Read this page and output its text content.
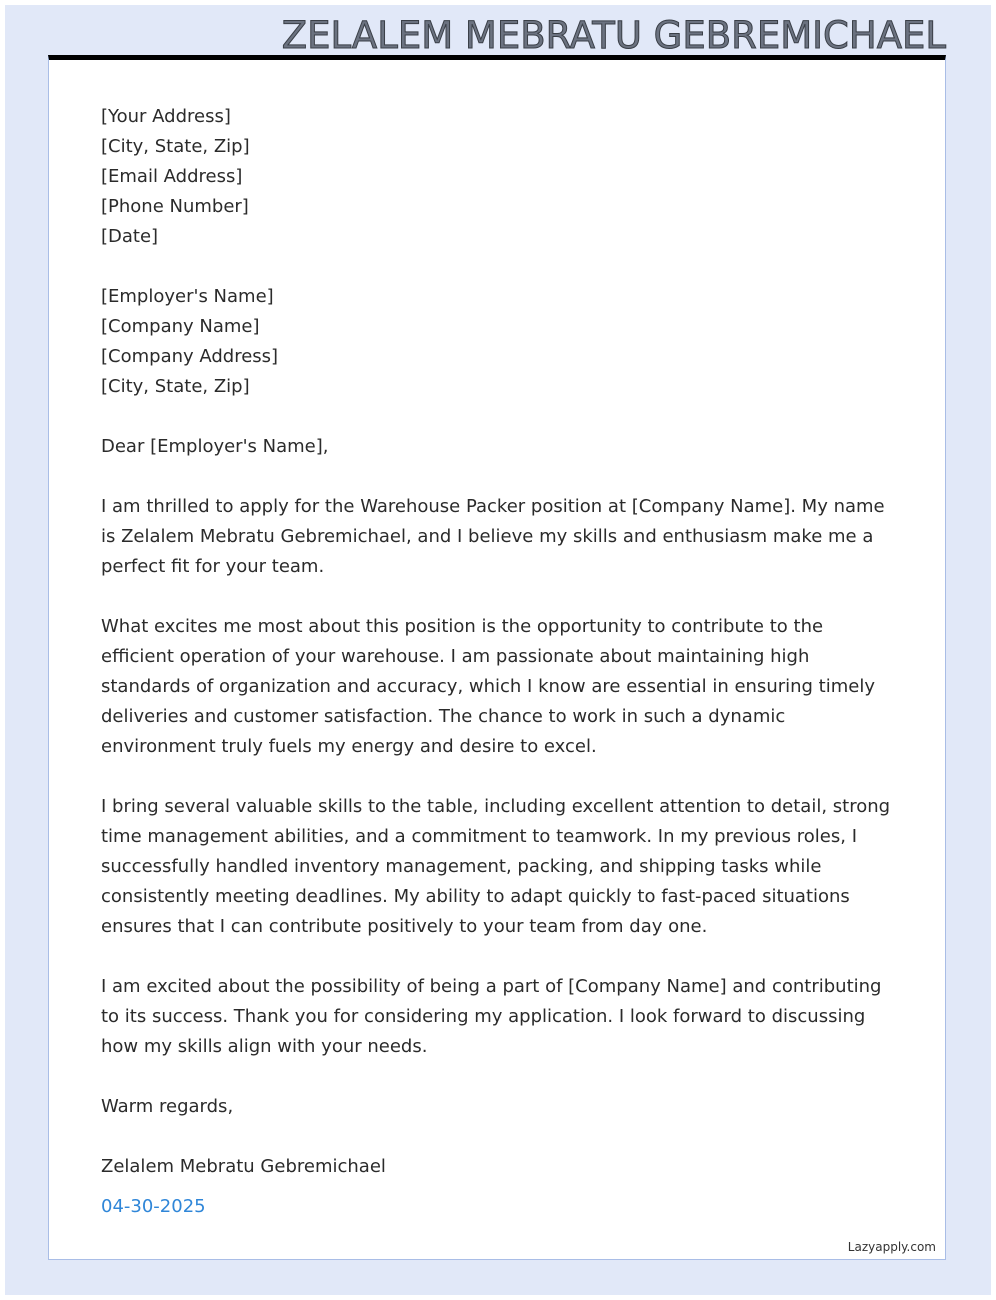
ZELALEM MEBRATU GEBREMICHAEL
[Your Address]
[City, State, Zip]
[Email Address]
[Phone Number]
[Date]
[Employer's Name]
[Company Name]
[Company Address]
[City, State, Zip]

Dear [Employer's Name],

I am thrilled to apply for the Warehouse Packer position at [Company Name]. My name is Zelalem Mebratu Gebremichael, and I believe my skills and enthusiasm make me a perfect fit for your team.

What excites me most about this position is the opportunity to contribute to the efficient operation of your warehouse. I am passionate about maintaining high standards of organization and accuracy, which I know are essential in ensuring timely deliveries and customer satisfaction. The chance to work in such a dynamic environment truly fuels my energy and desire to excel.

I bring several valuable skills to the table, including excellent attention to detail, strong time management abilities, and a commitment to teamwork. In my previous roles, I successfully handled inventory management, packing, and shipping tasks while consistently meeting deadlines. My ability to adapt quickly to fast-paced situations ensures that I can contribute positively to your team from day one.

I am excited about the possibility of being a part of [Company Name] and contributing to its success. Thank you for considering my application. I look forward to discussing how my skills align with your needs.

Warm regards,

Zelalem Mebratu Gebremichael
04-30-2025
Lazyapply.com
